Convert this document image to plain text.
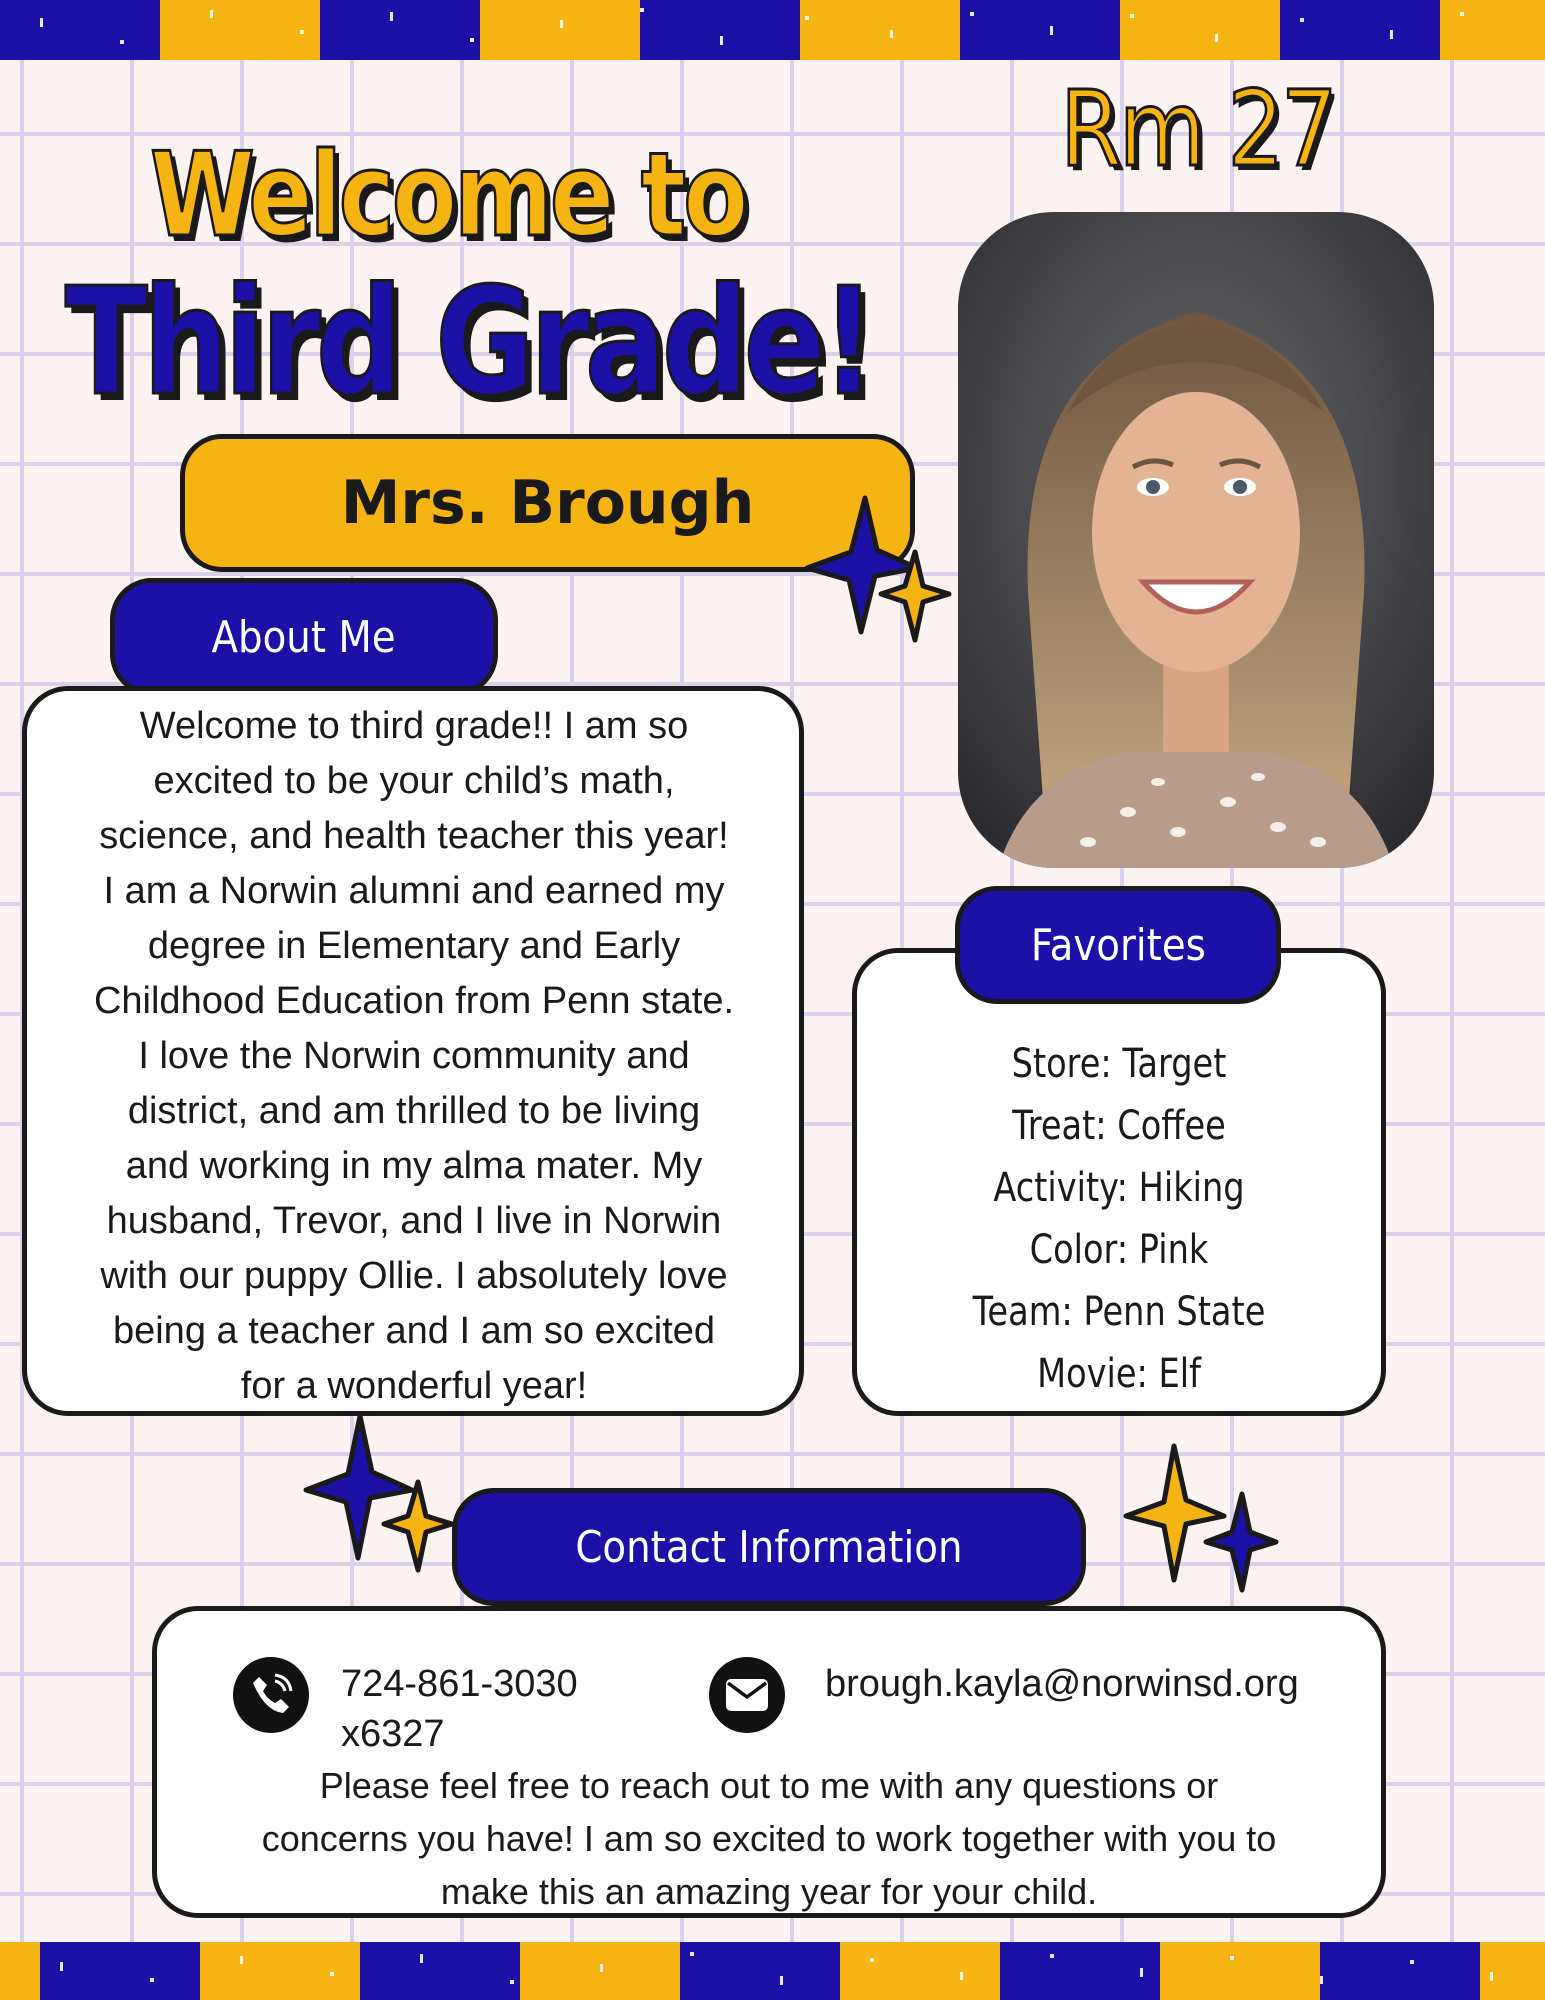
Rm 27
Welcome to
Third Grade!
Mrs. Brough
About Me
Welcome to third grade!! I am so
excited to be your child’s math,
science, and health teacher this year!
I am a Norwin alumni and earned my
degree in Elementary and Early
Childhood Education from Penn state.
I love the Norwin community and
district, and am thrilled to be living
and working in my alma mater. My
husband, Trevor, and I live in Norwin
with our puppy Ollie. I absolutely love
being a teacher and I am so excited
for a wonderful year!
Favorites
Store: Target
Treat: Coffee
Activity: Hiking
Color: Pink
Team: Penn State
Movie: Elf
Contact Information
724-861-3030
x6327
brough.kayla@norwinsd.org
Please feel free to reach out to me with any questions or
concerns you have! I am so excited to work together with you to
make this an amazing year for your child.
